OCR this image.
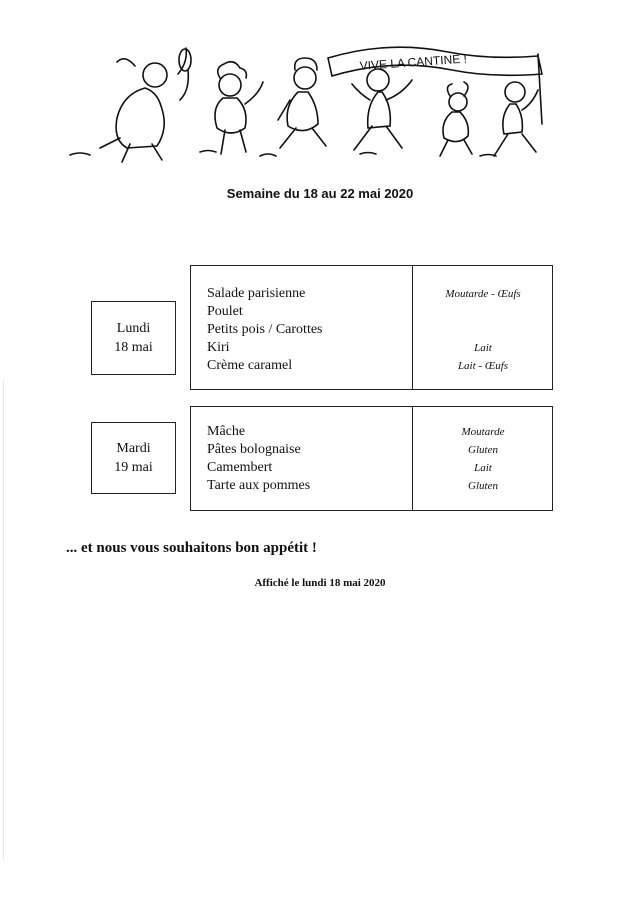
VIVE LA CANTINE !
Semaine du 18 au 22 mai 2020
Lundi
18 mai
Salade parisienne
Poulet
Petits pois / Carottes
Kiri
Crème caramel
Moutarde - Œufs
Lait
Lait - Œufs
Mardi
19 mai
Mâche
Pâtes bolognaise
Camembert
Tarte aux pommes
Moutarde
Gluten
Lait
Gluten
... et nous vous souhaitons bon appétit !
Affiché le lundi 18 mai 2020
